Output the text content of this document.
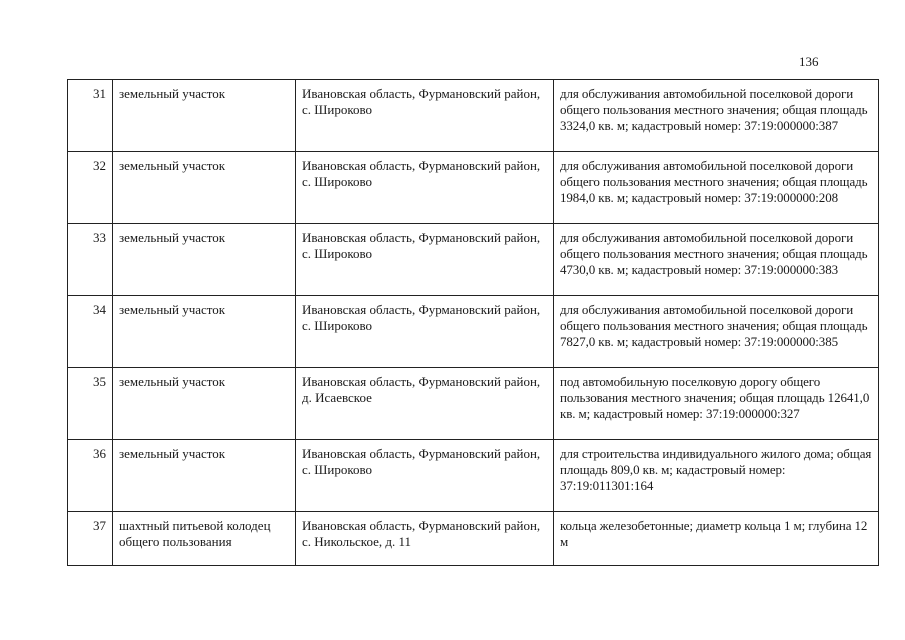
136
31	земельный участок	Ивановская область, Фурмановский район, с. Широково	для обслуживания автомобильной поселковой дороги общего пользования местного значения; общая площадь 3324,0 кв. м; кадастровый номер: 37:19:000000:387
32	земельный участок	Ивановская область, Фурмановский район, с. Широково	для обслуживания автомобильной поселковой дороги общего пользования местного значения; общая площадь 1984,0 кв. м; кадастровый номер: 37:19:000000:208
33	земельный участок	Ивановская область, Фурмановский район, с. Широково	для обслуживания автомобильной поселковой дороги общего пользования местного значения; общая площадь 4730,0 кв. м; кадастровый номер: 37:19:000000:383
34	земельный участок	Ивановская область, Фурмановский район, с. Широково	для обслуживания автомобильной поселковой дороги общего пользования местного значения; общая площадь 7827,0 кв. м; кадастровый номер: 37:19:000000:385
35	земельный участок	Ивановская область, Фурмановский район, д. Исаевское	под автомобильную поселковую дорогу общего пользования местного значения; общая площадь 12641,0 кв. м; кадастровый номер: 37:19:000000:327
36	земельный участок	Ивановская область, Фурмановский район, с. Широково	для строительства индивидуального жилого дома; общая площадь 809,0 кв. м; кадастровый номер: 37:19:011301:164
37	шахтный питьевой колодец общего пользования	Ивановская область, Фурмановский район, с. Никольское, д. 11	кольца железобетонные; диаметр кольца 1 м; глубина 12 м
